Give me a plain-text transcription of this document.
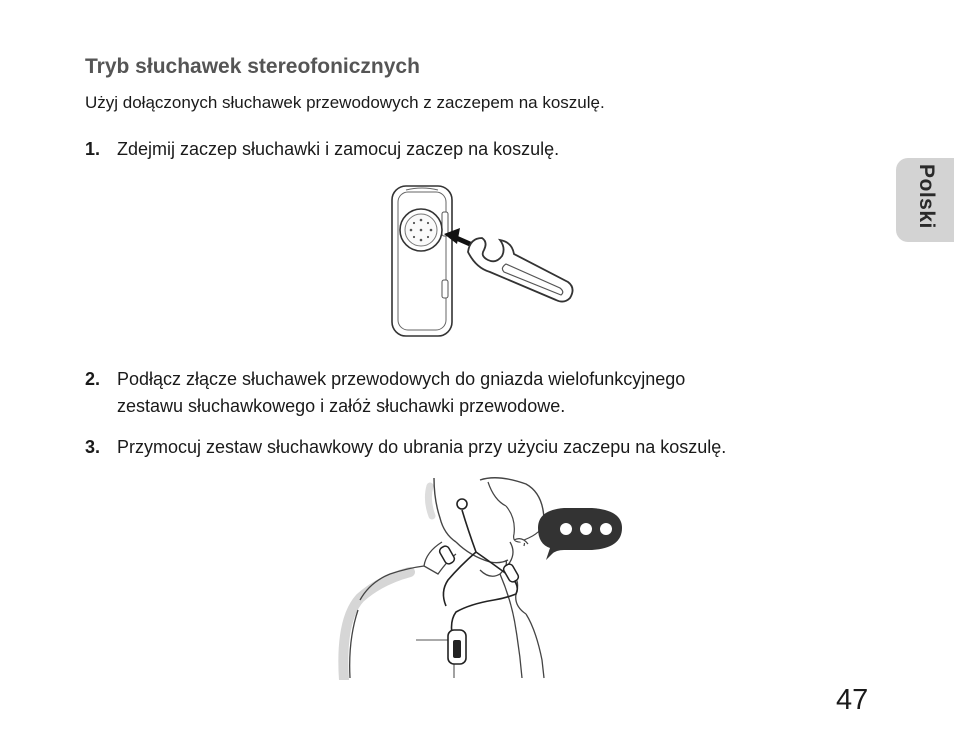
Tryb słuchawek stereofonicznych
Użyj dołączonych słuchawek przewodowych z zaczepem na koszulę.
1. Zdejmij zaczep słuchawki i zamocuj zaczep na koszulę.
2. Podłącz złącze słuchawek przewodowych do gniazda wielofunkcyjnego
zestawu słuchawkowego i załóż słuchawki przewodowe.
3. Przymocuj zestaw słuchawkowy do ubrania przy użyciu zaczepu na koszulę.
Polski
47
